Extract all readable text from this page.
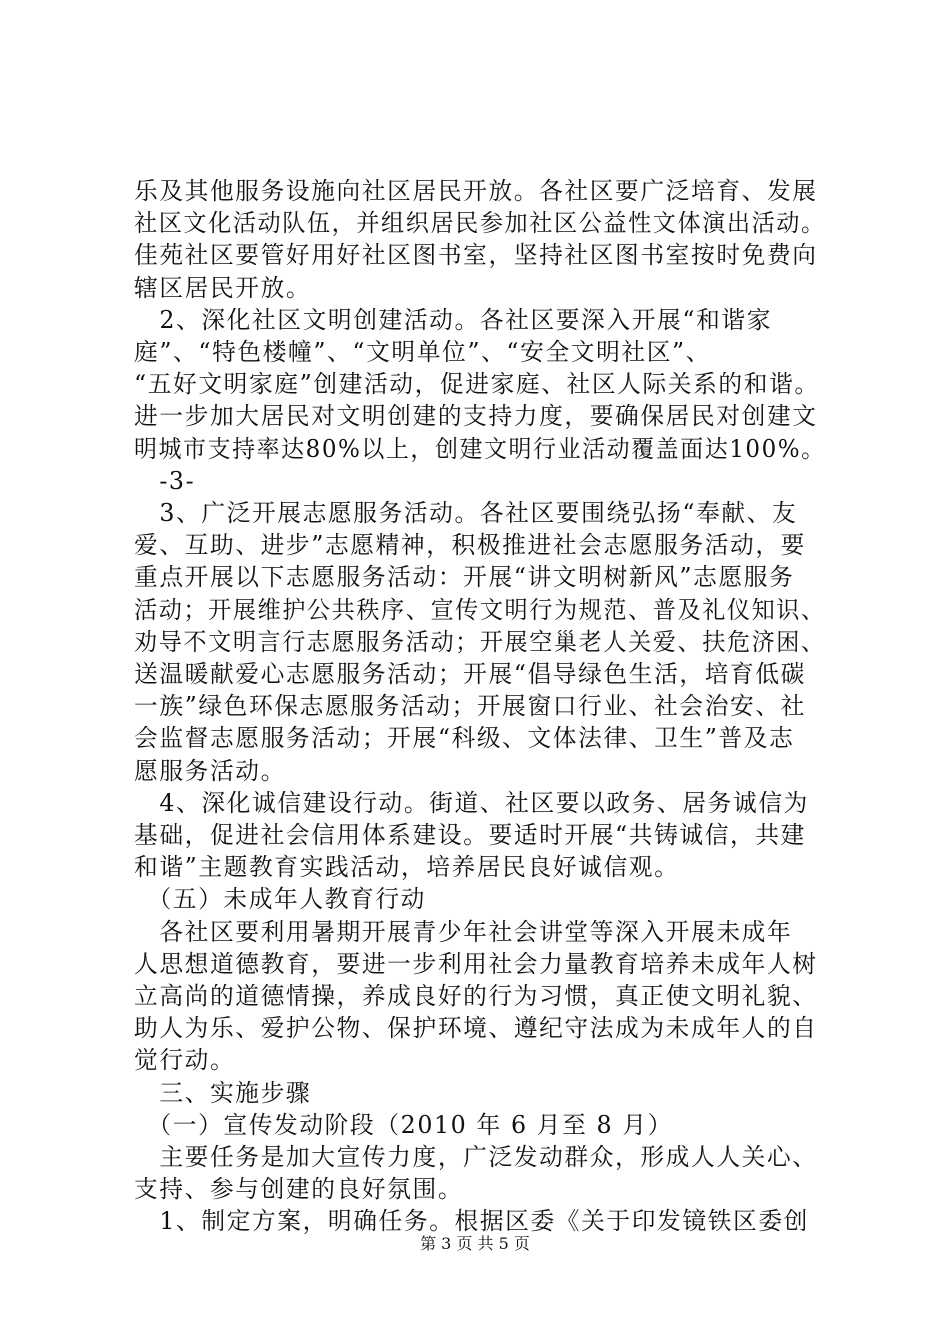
乐及其他服务设施向社区居民开放。各社区要广泛培育、发展
社区文化活动队伍，并组织居民参加社区公益性文体演出活动。
佳苑社区要管好用好社区图书室，坚持社区图书室按时免费向
辖区居民开放。
　2、深化社区文明创建活动。各社区要深入开展“和谐家
庭”、“特色楼幢”、“文明单位”、“安全文明社区”、
“五好文明家庭”创建活动，促进家庭、社区人际关系的和谐。
进一步加大居民对文明创建的支持力度，要确保居民对创建文
明城市支持率达80%以上，创建文明行业活动覆盖面达100%。
　-3-
　3、广泛开展志愿服务活动。各社区要围绕弘扬“奉献、友
爱、互助、进步”志愿精神，积极推进社会志愿服务活动，要
重点开展以下志愿服务活动：开展“讲文明树新风”志愿服务
活动；开展维护公共秩序、宣传文明行为规范、普及礼仪知识、
劝导不文明言行志愿服务活动；开展空巢老人关爱、扶危济困、
送温暖献爱心志愿服务活动；开展“倡导绿色生活，培育低碳
一族”绿色环保志愿服务活动；开展窗口行业、社会治安、社
会监督志愿服务活动；开展“科级、文体法律、卫生”普及志
愿服务活动。
　4、深化诚信建设行动。街道、社区要以政务、居务诚信为
基础，促进社会信用体系建设。要适时开展“共铸诚信，共建
和谐”主题教育实践活动，培养居民良好诚信观。
　（五）未成年人教育行动
　各社区要利用暑期开展青少年社会讲堂等深入开展未成年
人思想道德教育，要进一步利用社会力量教育培养未成年人树
立高尚的道德情操，养成良好的行为习惯，真正使文明礼貌、
助人为乐、爱护公物、保护环境、遵纪守法成为未成年人的自
觉行动。
　三、实施步骤
　（一）宣传发动阶段（2010 年 6 月至 8 月）
　主要任务是加大宣传力度，广泛发动群众，形成人人关心、
支持、参与创建的良好氛围。
　1、制定方案，明确任务。根据区委《关于印发镜铁区委创
第 3 页 共 5 页
